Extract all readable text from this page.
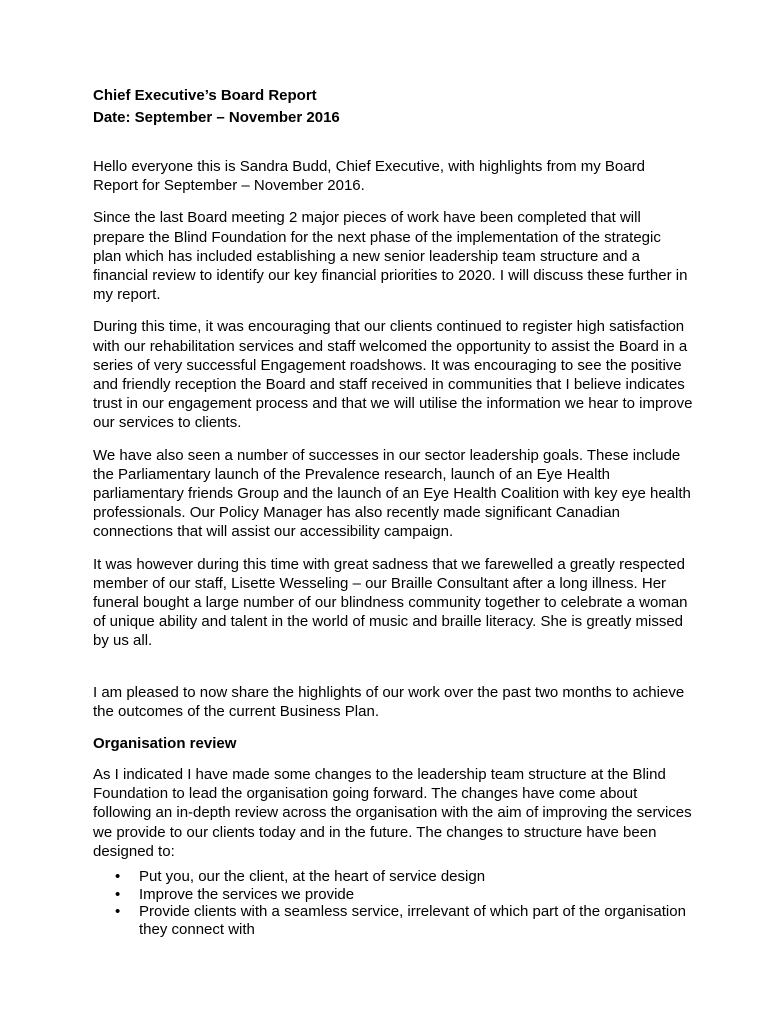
Chief Executive’s Board Report

Date: September – November 2016

Hello everyone this is Sandra Budd, Chief Executive, with highlights from my Board Report for September – November 2016.

Since the last Board meeting 2 major pieces of work have been completed that will prepare the Blind Foundation for the next phase of the implementation of the strategic plan which has included establishing a new senior leadership team structure and a financial review to identify our key financial priorities to 2020. I will discuss these further in my report.

During this time, it was encouraging that our clients continued to register high satisfaction with our rehabilitation services and staff welcomed the opportunity to assist the Board in a series of very successful Engagement roadshows. It was encouraging to see the positive and friendly reception the Board and staff received in communities that I believe indicates trust in our engagement process and that we will utilise the information we hear to improve our services to clients.

We have also seen a number of successes in our sector leadership goals. These include the Parliamentary launch of the Prevalence research, launch of an Eye Health parliamentary friends Group and the launch of an Eye Health Coalition with key eye health professionals. Our Policy Manager has also recently made significant Canadian connections that will assist our accessibility campaign.

It was however during this time with great sadness that we farewelled a greatly respected member of our staff, Lisette Wesseling – our Braille Consultant after a long illness. Her funeral bought a large number of our blindness community together to celebrate a woman of unique ability and talent in the world of music and braille literacy. She is greatly missed by us all.

I am pleased to now share the highlights of our work over the past two months to achieve the outcomes of the current Business Plan.

Organisation review

As I indicated I have made some changes to the leadership team structure at the Blind Foundation to lead the organisation going forward. The changes have come about following an in-depth review across the organisation with the aim of improving the services we provide to our clients today and in the future. The changes to structure have been designed to:

• Put you, our the client, at the heart of service design
• Improve the services we provide
• Provide clients with a seamless service, irrelevant of which part of the organisation they connect with
